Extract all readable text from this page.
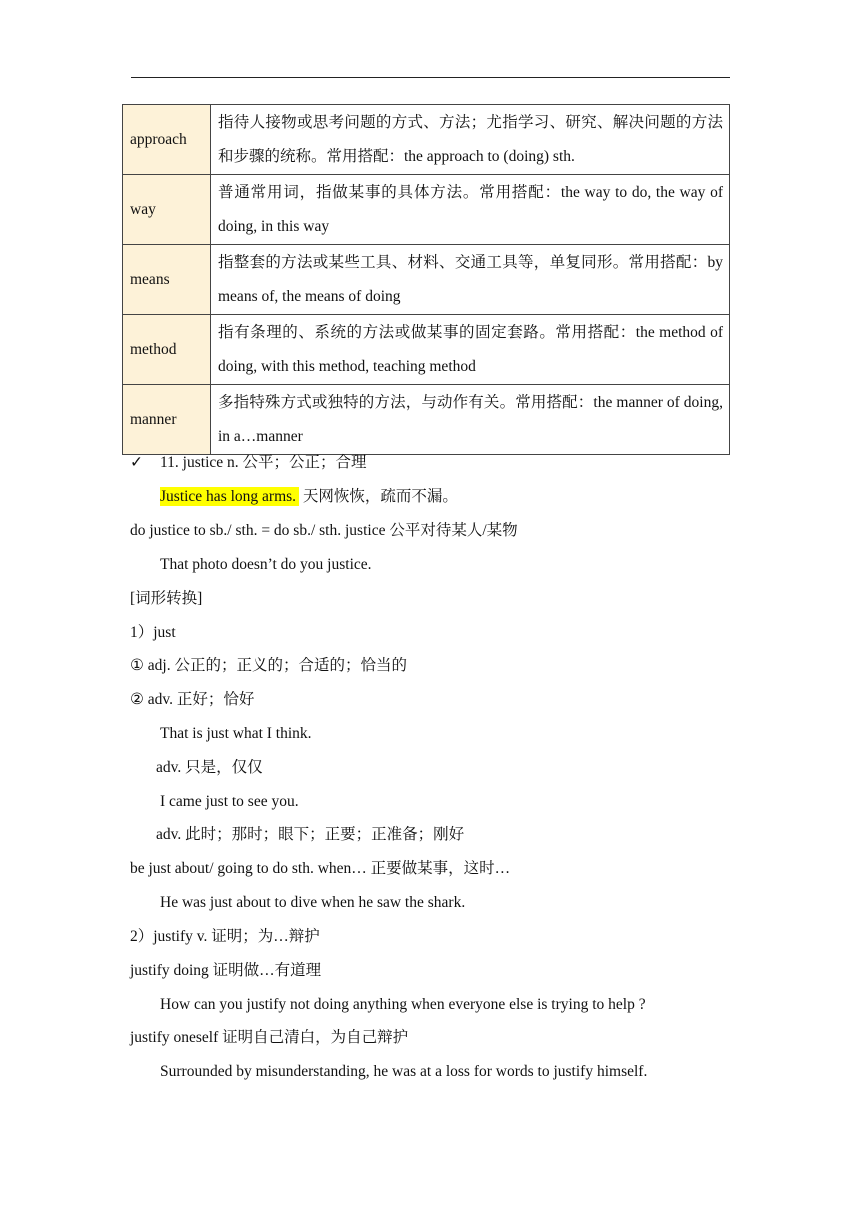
approach	指待人接物或思考问题的方式、方法；尤指学习、研究、解决问题的方法和步骤的统称。常用搭配：the approach to (doing) sth.
way	普通常用词，指做某事的具体方法。常用搭配：the way to do, the way of doing, in this way
means	指整套的方法或某些工具、材料、交通工具等，单复同形。常用搭配：by means of, the means of doing
method	指有条理的、系统的方法或做某事的固定套路。常用搭配：the method of doing, with this method, teaching method
manner	多指特殊方式或独特的方法，与动作有关。常用搭配：the manner of doing, in a…manner
✓ 11. justice n. 公平；公正；合理
Justice has long arms. 天网恢恢，疏而不漏。
do justice to sb./ sth. = do sb./ sth. justice 公平对待某人/某物
That photo doesn’t do you justice.
[词形转换]
1）just
① adj. 公正的；正义的；合适的；恰当的
② adv. 正好；恰好
That is just what I think.
adv. 只是，仅仅
I came just to see you.
adv. 此时；那时；眼下；正要；正准备；刚好
be just about/ going to do sth. when… 正要做某事，这时…
He was just about to dive when he saw the shark.
2）justify v. 证明；为…辩护
justify doing 证明做…有道理
How can you justify not doing anything when everyone else is trying to help ?
justify oneself 证明自己清白，为自己辩护
Surrounded by misunderstanding, he was at a loss for words to justify himself.
